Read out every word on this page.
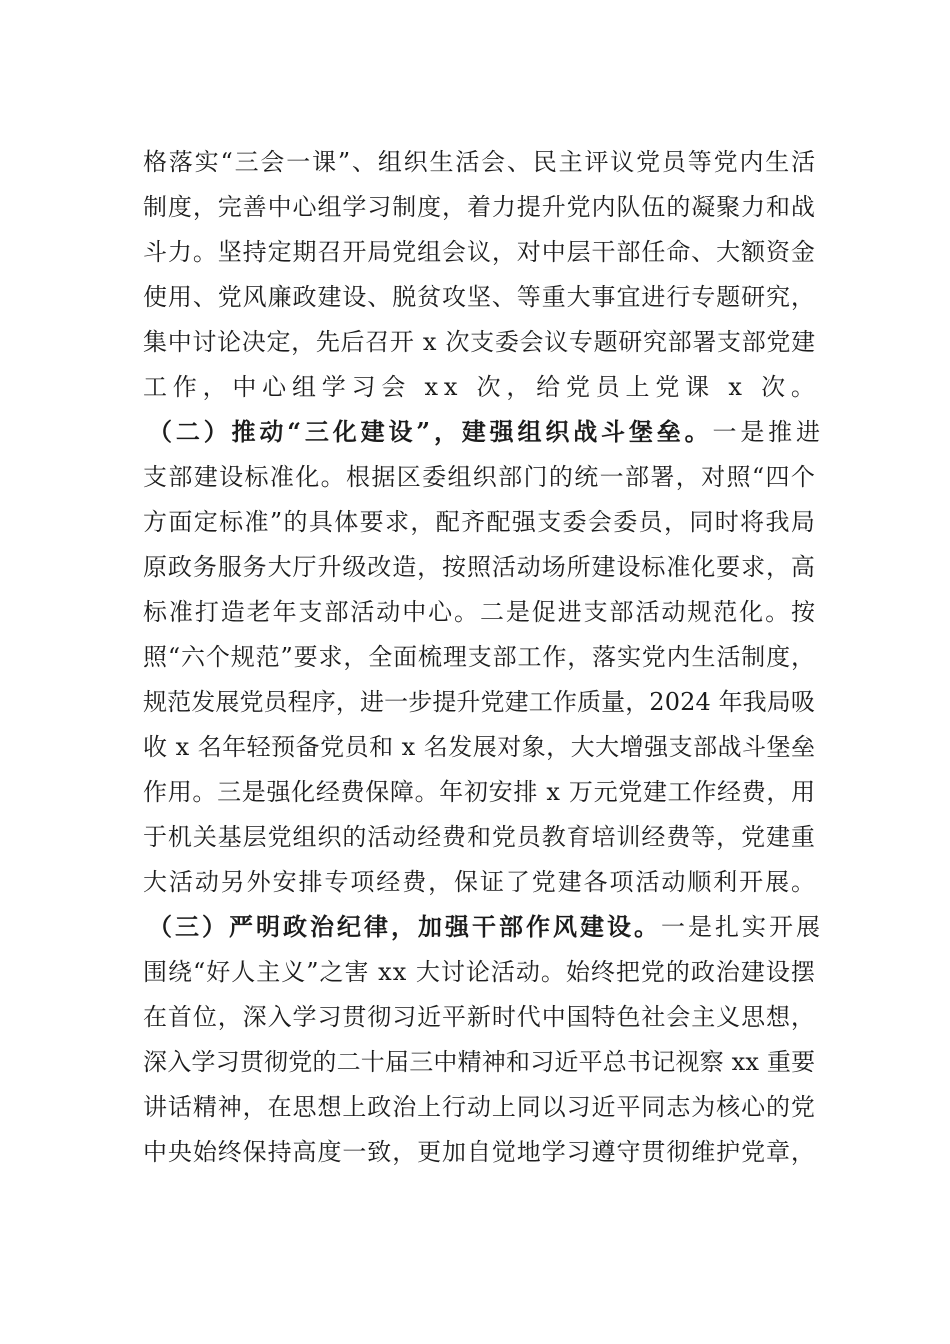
格落实“三会一课”、组织生活会、民主评议党员等党内生活

制度，完善中心组学习制度，着力提升党内队伍的凝聚力和战

斗力。坚持定期召开局党组会议，对中层干部任命、大额资金

使用、党风廉政建设、脱贫攻坚、等重大事宜进行专题研究，

集中讨论决定，先后召开 x 次支委会议专题研究部署支部党建

工作，中心组学习会 xx 次，给党员上党课 x 次。

（二）推动“三化建设”，建强组织战斗堡垒。一是推进

支部建设标准化。根据区委组织部门的统一部署，对照“四个

方面定标准”的具体要求，配齐配强支委会委员，同时将我局

原政务服务大厅升级改造，按照活动场所建设标准化要求，高

标准打造老年支部活动中心。二是促进支部活动规范化。按

照“六个规范”要求，全面梳理支部工作，落实党内生活制度，

规范发展党员程序，进一步提升党建工作质量，2024 年我局吸

收 x 名年轻预备党员和 x 名发展对象，大大增强支部战斗堡垒

作用。三是强化经费保障。年初安排 x 万元党建工作经费，用

于机关基层党组织的活动经费和党员教育培训经费等，党建重

大活动另外安排专项经费，保证了党建各项活动顺利开展。

（三）严明政治纪律，加强干部作风建设。一是扎实开展

围绕“好人主义”之害 xx 大讨论活动。始终把党的政治建设摆

在首位，深入学习贯彻习近平新时代中国特色社会主义思想，

深入学习贯彻党的二十届三中精神和习近平总书记视察 xx 重要

讲话精神，在思想上政治上行动上同以习近平同志为核心的党

中央始终保持高度一致，更加自觉地学习遵守贯彻维护党章，
